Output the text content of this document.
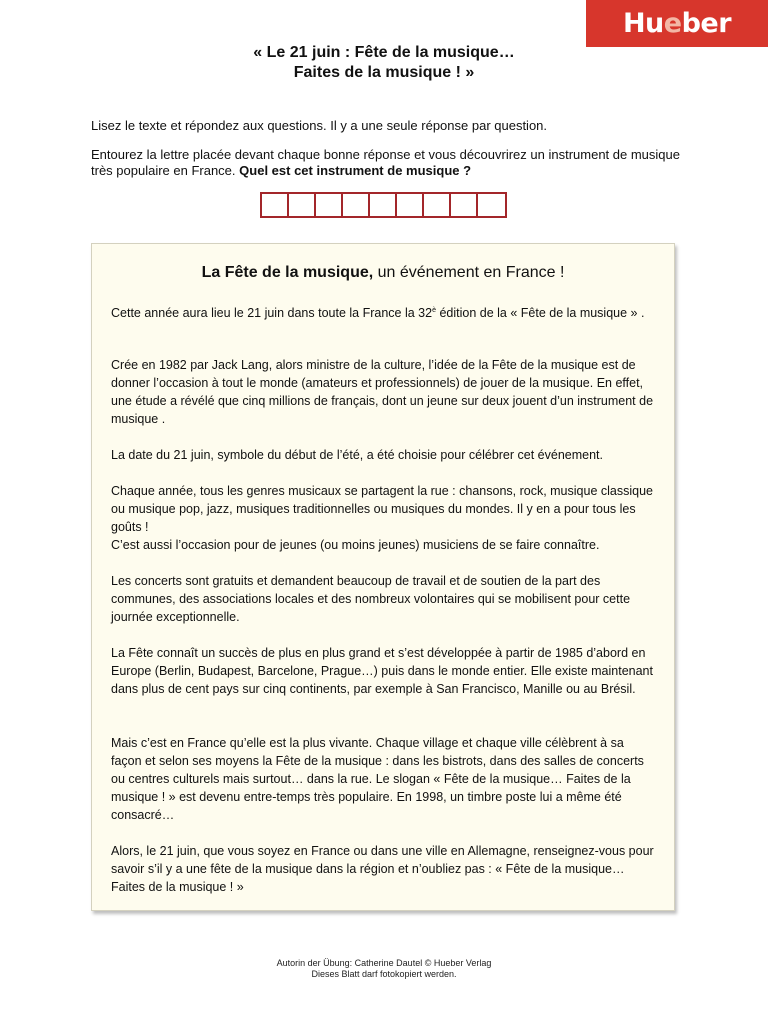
Hu e ber
« Le 21 juin : Fête de la musique…
Faites de la musique ! »

Lisez le texte et répondez aux questions. Il y a une seule réponse par question.

Entourez la lettre placée devant chaque bonne réponse et vous découvrirez un instrument de musique très populaire en France. Quel est cet instrument de musique ?

La Fête de la musique, un événement en France !

Cette année aura lieu le 21 juin dans toute la France la $32^è$ édition de la « Fête de la musique » .

Crée en 1982 par Jack Lang, alors ministre de la culture, l’idée de la Fête de la musique est de donner l’occasion à tout le monde (amateurs et professionnels) de jouer de la musique. En effet, une étude a révélé que cinq millions de français, dont un jeune sur deux jouent d’un instrument de musique .

La date du 21 juin, symbole du début de l’été, a été choisie pour célébrer cet événement.

Chaque année, tous les genres musicaux se partagent la rue : chansons, rock, musique classique ou musique pop, jazz, musiques traditionnelles ou musiques du mondes. Il y en a pour tous les goûts !

C’est aussi l’occasion pour de jeunes (ou moins jeunes) musiciens de se faire connaître.

Les concerts sont gratuits et demandent beaucoup de travail et de soutien de la part des communes, des associations locales et des nombreux volontaires qui se mobilisent pour cette journée exceptionnelle.

La Fête connaît un succès de plus en plus grand et s’est développée à partir de 1985 d’abord en Europe (Berlin, Budapest, Barcelone, Prague…) puis dans le monde entier. Elle existe maintenant dans plus de cent pays sur cinq continents, par exemple à San Francisco, Manille ou au Brésil.

Mais c’est en France qu’elle est la plus vivante. Chaque village et chaque ville célèbrent à sa façon et selon ses moyens la Fête de la musique : dans les bistrots, dans des salles de concerts ou centres culturels mais surtout… dans la rue. Le slogan « Fête de la musique… Faites de la musique ! » est devenu entre-temps très populaire. En 1998, un timbre poste lui a même été consacré…

Alors, le 21 juin, que vous soyez en France ou dans une ville en Allemagne, renseignez-vous pour savoir s’il y a une fête de la musique dans la région et n’oubliez pas : « Fête de la musique… Faites de la musique ! »

Autorin der Übung: Catherine Dautel © Hueber Verlag
Dieses Blatt darf fotokopiert werden.
